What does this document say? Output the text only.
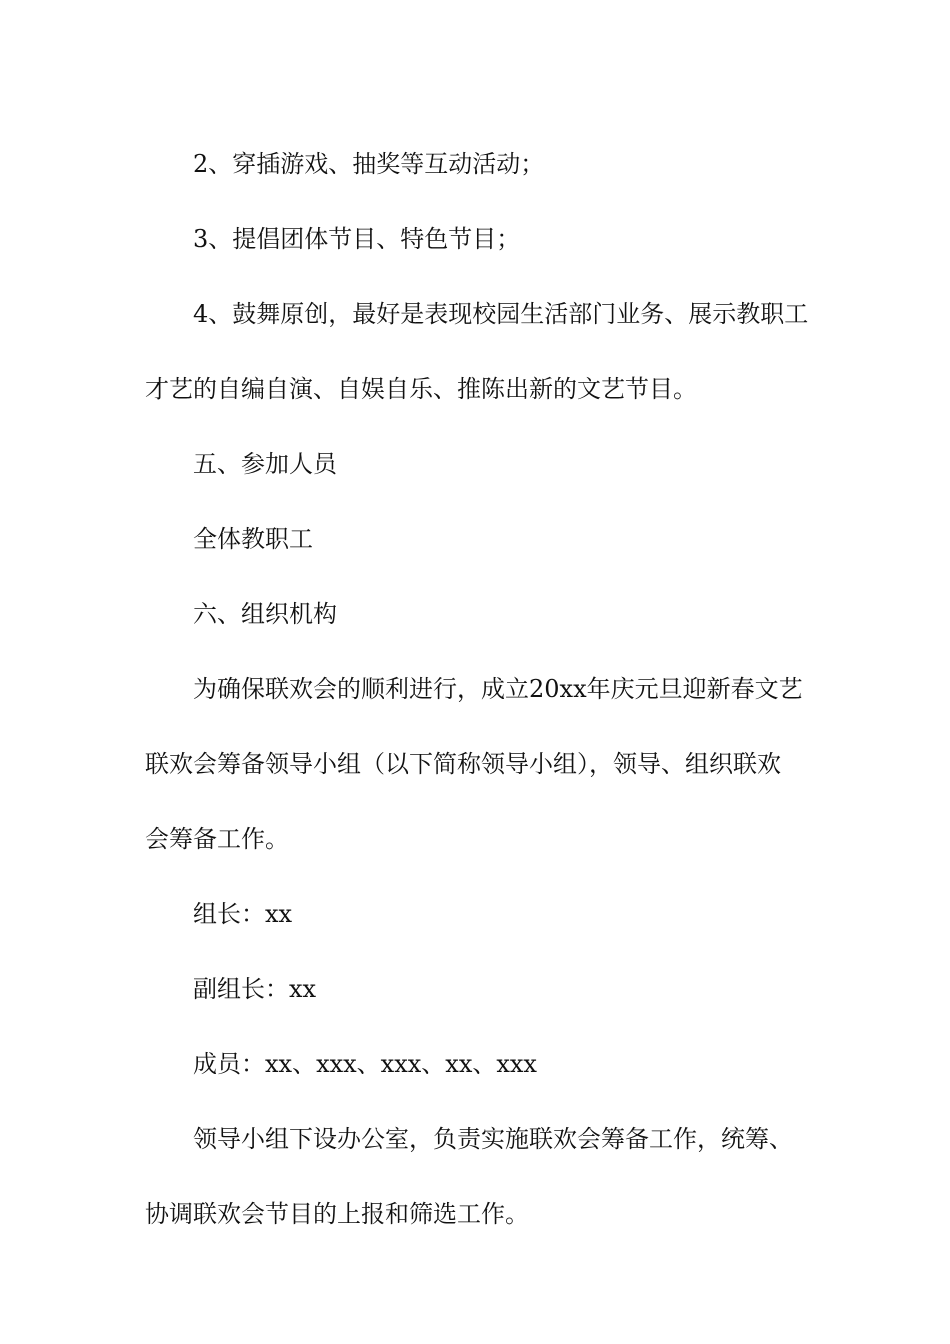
2、穿插游戏、抽奖等互动活动；

3、提倡团体节目、特色节目；

4、鼓舞原创，最好是表现校园生活部门业务、展示教职工

才艺的自编自演、自娱自乐、推陈出新的文艺节目。

五、参加人员

全体教职工

六、组织机构

为确保联欢会的顺利进行，成立20xx年庆元旦迎新春文艺

联欢会筹备领导小组（以下简称领导小组），领导、组织联欢

会筹备工作。

组长：xx

副组长：xx

成员：xx、xxx、xxx、xx、xxx

领导小组下设办公室，负责实施联欢会筹备工作，统筹、

协调联欢会节目的上报和筛选工作。
